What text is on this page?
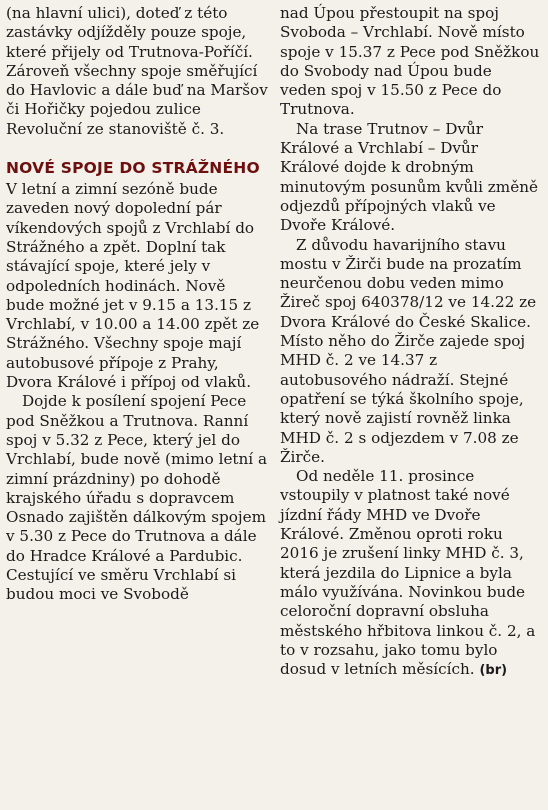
(na hlavní ulici), doteď z této zastávky odjížděly pouze spoje, které přijely od Trutnova-Poříčí. Zároveň všechny spoje směřující do Havlovic a dále buď na Maršov či Hořičky pojedou zulice Revoluční ze stanoviště č. 3.

NOVÉ SPOJE DO STRÁŽNÉHO

V letní a zimní sezóně bude zaveden nový dopolední pár víkendových spojů z Vrchlabí do Strážného a zpět. Doplní tak stávající spoje, které jely v odpoledních hodinách. Nově bude možné jet v 9.15 a 13.15 z Vrchlabí, v 10.00 a 14.00 zpět ze Strážného. Všechny spoje mají autobusové přípoje z Prahy, Dvora Králové i přípoj od vlaků.

Dojde k posílení spojení Pece pod Sněžkou a Trutnova. Ranní spoj v 5.32 z Pece, který jel do Vrchlabí, bude nově (mimo letní a zimní prázdniny) po dohodě krajského úřadu s dopravcem Osnado zajištěn dálkovým spojem v 5.30 z Pece do Trutnova a dále do Hradce Králové a Pardubic. Cestující ve směru Vrchlabí si budou moci ve Svobodě

nad Úpou přestoupit na spoj Svoboda – Vrchlabí. Nově místo spoje v 15.37 z Pece pod Sněžkou do Svobody nad Úpou bude veden spoj v 15.50 z Pece do Trutnova.

Na trase Trutnov – Dvůr Králové a Vrchlabí – Dvůr Králové dojde k drobným minutovým posunům kvůli změně odjezdů přípojných vlaků ve Dvoře Králové.

Z důvodu havarijního stavu mostu v Žirči bude na prozatím neurčenou dobu veden mimo Žireč spoj 640378/12 ve 14.22 ze Dvora Králové do České Skalice. Místo něho do Žirče zajede spoj MHD č. 2 ve 14.37 z autobusového nádraží. Stejné opatření se týká školního spoje, který nově zajistí rovněž linka MHD č. 2 s odjezdem v 7.08 ze Žirče.

Od neděle 11. prosince vstoupily v platnost také nové jízdní řády MHD ve Dvoře Králové. Změnou oproti roku 2016 je zrušení linky MHD č. 3, která jezdila do Lipnice a byla málo využívána. Novinkou bude celoroční dopravní obsluha městského hřbitova linkou č. 2, a to v rozsahu, jako tomu bylo dosud v letních měsících. (br)
